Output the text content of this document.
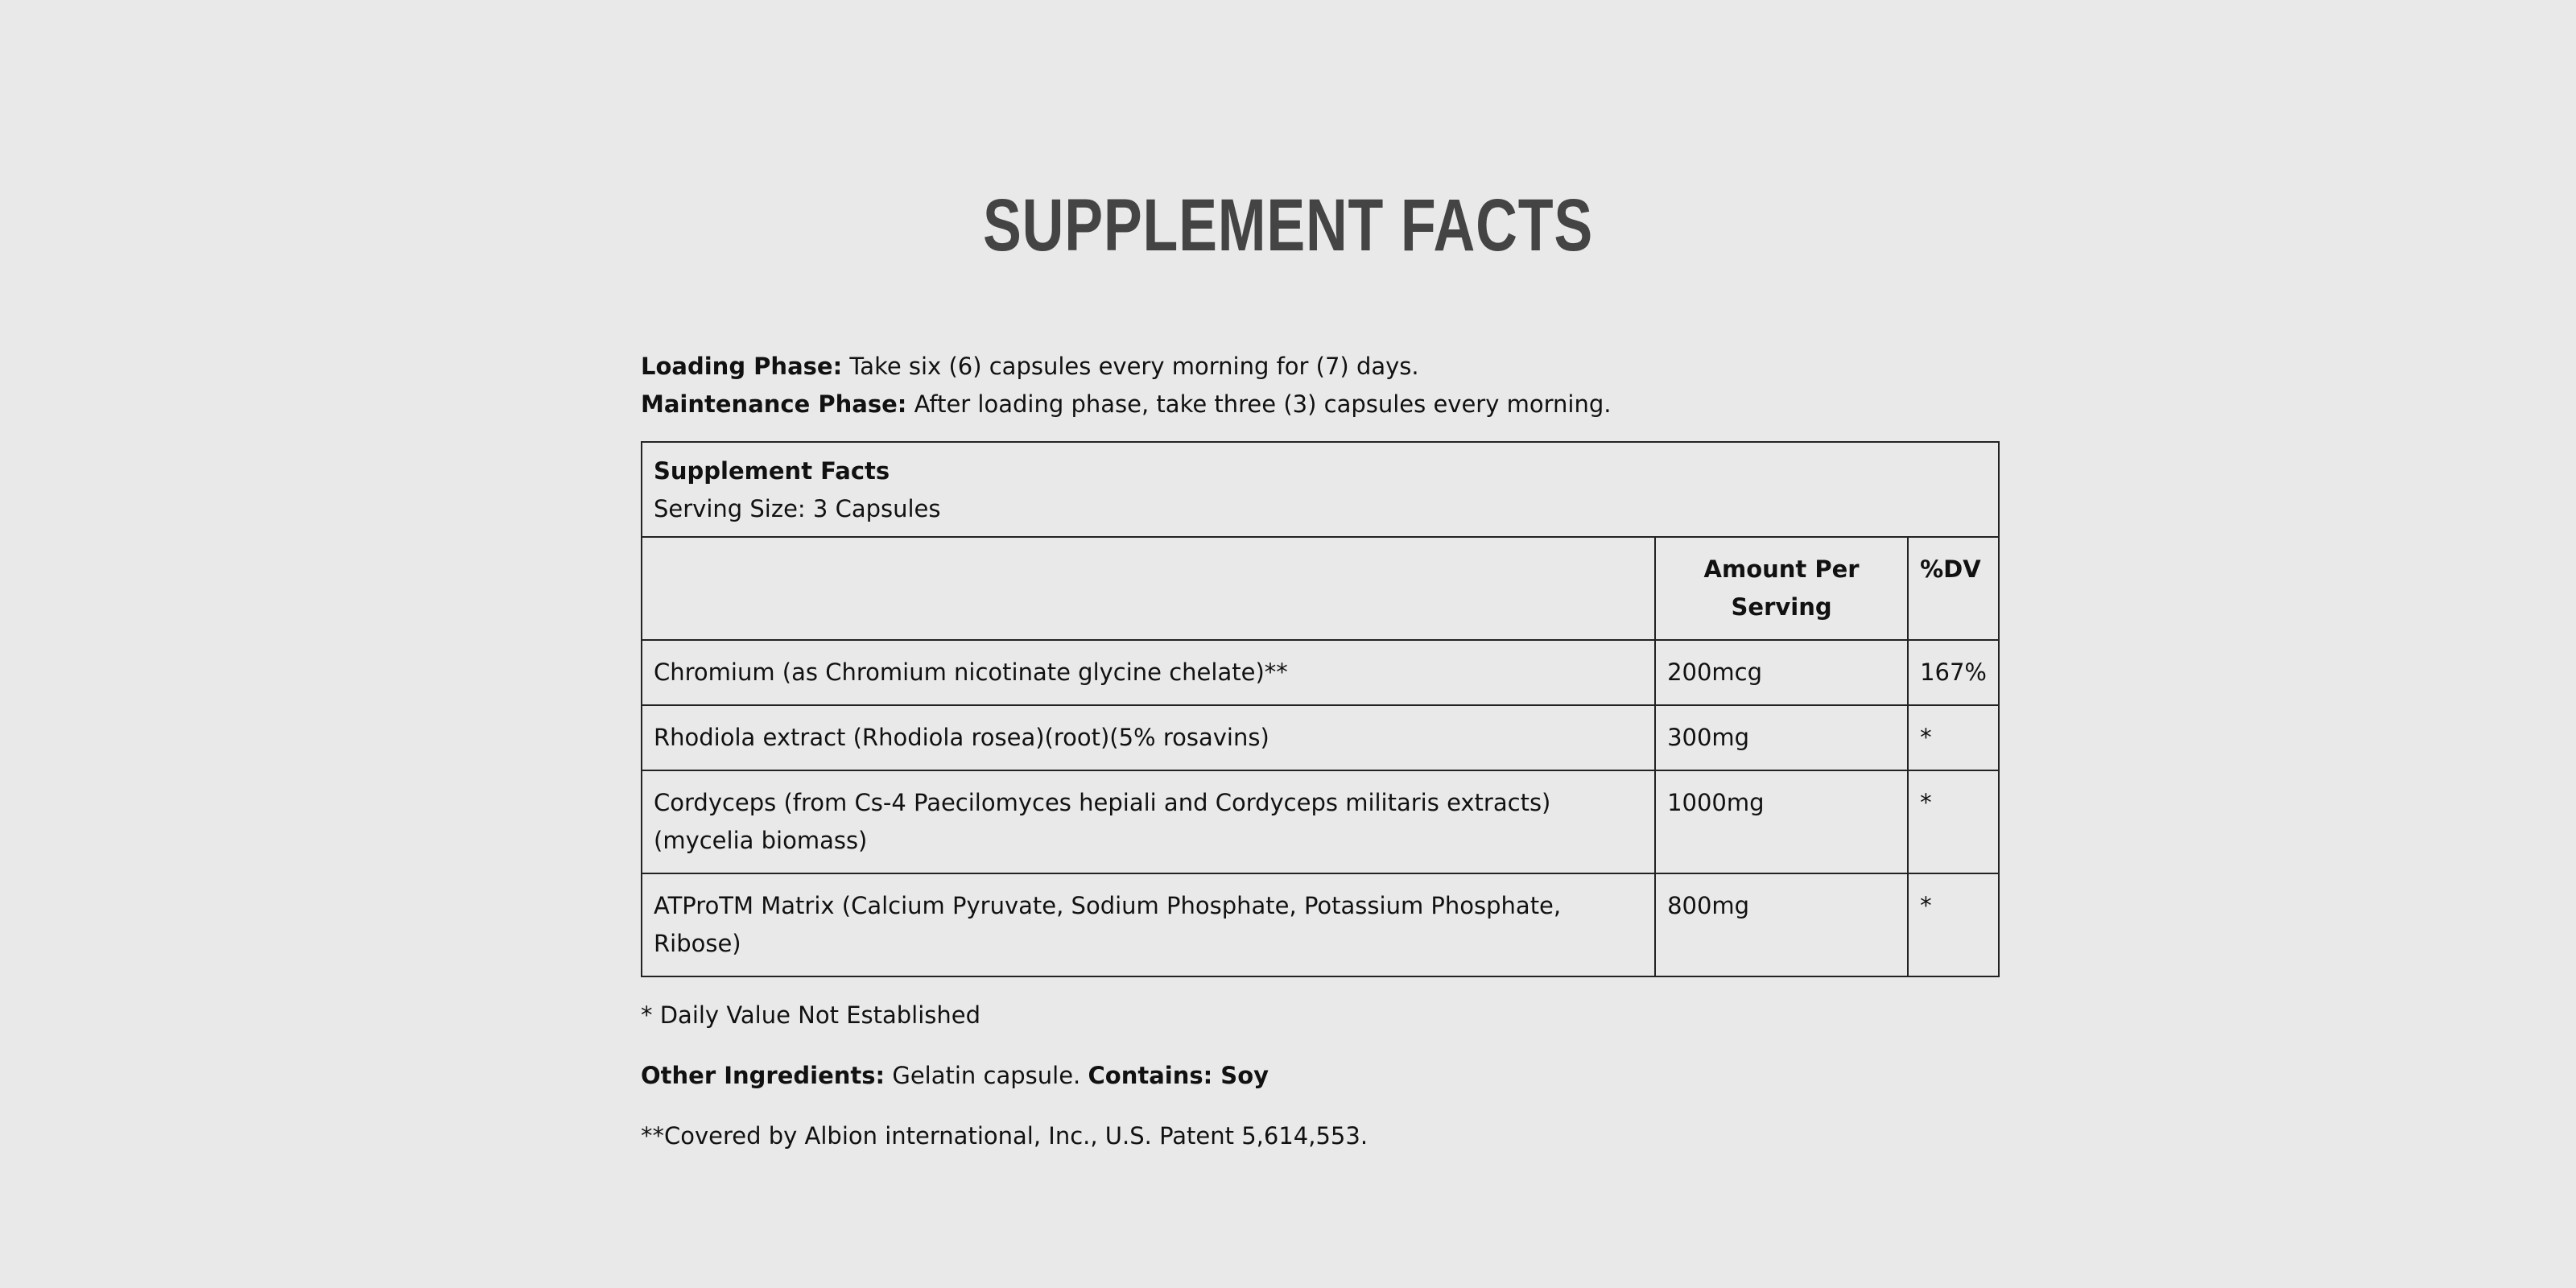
SUPPLEMENT FACTS

Loading Phase: Take six (6) capsules every morning for (7) days.

Maintenance Phase: After loading phase, take three (3) capsules every morning.

Supplement Facts
Serving Size: 3 Capsules		

	Amount Per Serving	%DV
Chromium (as Chromium nicotinate glycine chelate)**	200mcg	167%
Rhodiola extract (Rhodiola rosea)(root)(5% rosavins)	300mg	*
Cordyceps (from Cs-4 Paecilomyces hepiali and Cordyceps militaris extracts) (mycelia biomass)	1000mg	*
ATProTM Matrix (Calcium Pyruvate, Sodium Phosphate, Potassium Phosphate, Ribose)	800mg	*

* Daily Value Not Established

Other Ingredients: Gelatin capsule. Contains: Soy

**Covered by Albion international, Inc., U.S. Patent 5,614,553.
